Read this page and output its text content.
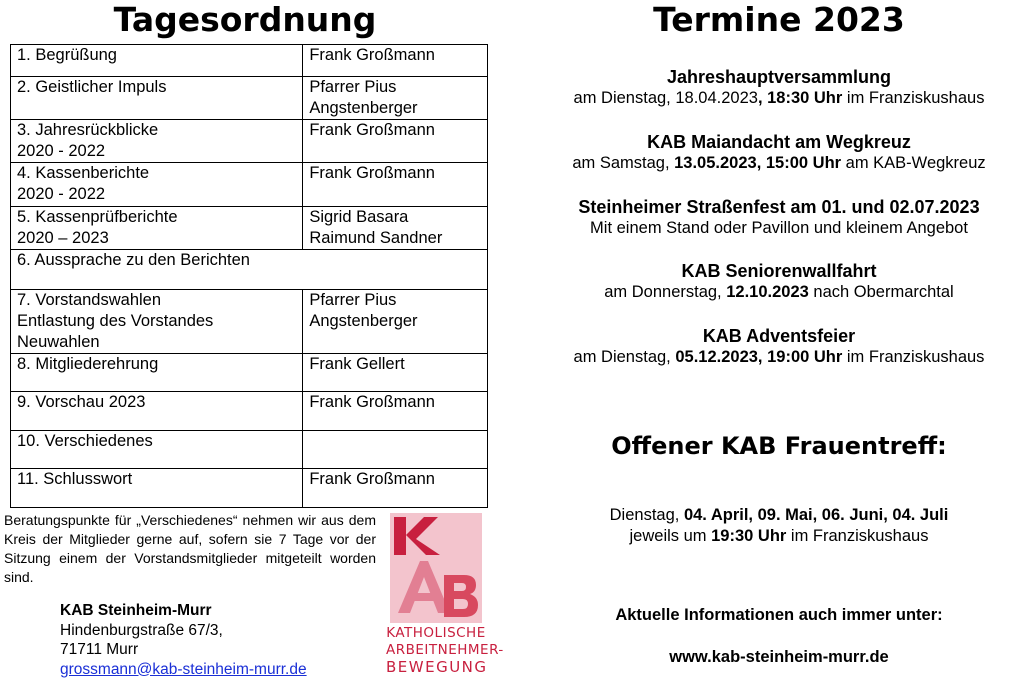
Tagesordnung
1. Begrüßung	Frank Großmann
2. Geistlicher Impuls	Pfarrer Pius
Angstenberger
3. Jahresrückblicke
2020 - 2022	Frank Großmann
4. Kassenberichte
2020 - 2022	Frank Großmann
5. Kassenprüfberichte
2020 – 2023	Sigrid Basara
Raimund Sandner
6. Aussprache zu den Berichten	
7. Vorstandswahlen
Entlastung des Vorstandes
Neuwahlen	Pfarrer Pius
Angstenberger
8. Mitgliederehrung	Frank Gellert
9. Vorschau 2023	Frank Großmann
10. Verschiedenes	
11. Schlusswort	Frank Großmann
Beratungspunkte für „Verschiedenes“ nehmen wir aus dem Kreis der Mitglieder gerne auf, sofern sie 7 Tage vor der Sitzung einem der Vorstandsmitglieder mitgeteilt worden sind.
KAB Steinheim-Murr
Hindenburgstraße 67/3,
71711 Murr
grossmann@kab-steinheim-murr.de
KATHOLISCHE
ARBEITNEHMER-
BEWEGUNG
Termine 2023
Jahreshauptversammlung
am Dienstag, 18.04.2023, 18:30 Uhr im Franziskushaus
KAB Maiandacht am Wegkreuz
am Samstag, 13.05.2023, 15:00 Uhr am KAB-Wegkreuz
Steinheimer Straßenfest am 01. und 02.07.2023
Mit einem Stand oder Pavillon und kleinem Angebot
KAB Seniorenwallfahrt
am Donnerstag, 12.10.2023 nach Obermarchtal
KAB Adventsfeier
am Dienstag, 05.12.2023, 19:00 Uhr im Franziskushaus
Offener KAB Frauentreff:
Dienstag, 04. April, 09. Mai, 06. Juni, 04. Juli
jeweils um 19:30 Uhr im Franziskushaus
Aktuelle Informationen auch immer unter:
www.kab-steinheim-murr.de
